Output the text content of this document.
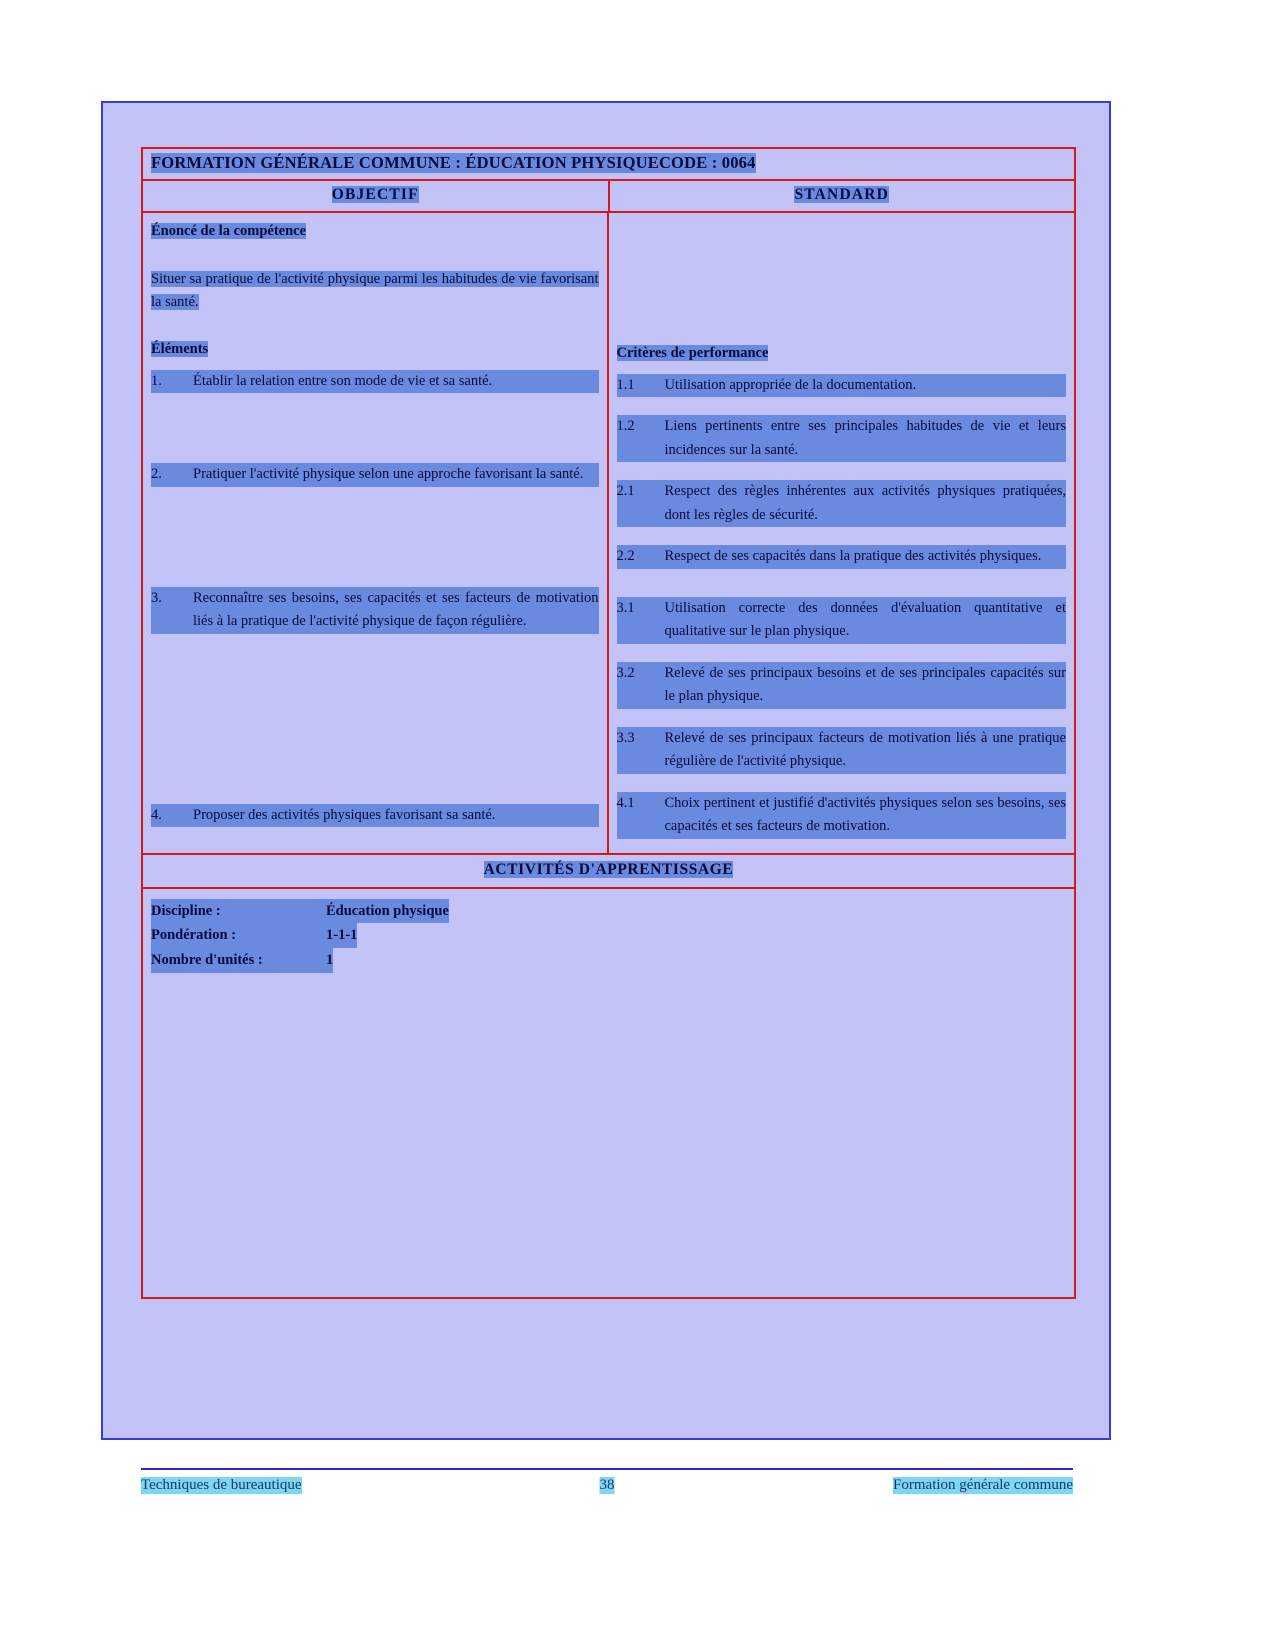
FORMATION GÉNÉRALE COMMUNE : ÉDUCATION PHYSIQUE CODE : 0064
OBJECTIF	STANDARD
Énoncé de la compétence
Situer sa pratique de l'activité physique parmi les habitudes de vie favorisant la santé.
Éléments
1.	Établir la relation entre son mode de vie et sa santé.
2.	Pratiquer l'activité physique selon une approche favorisant la santé.
3.	Reconnaître ses besoins, ses capacités et ses facteurs de motivation liés à la pratique de l'activité physique de façon régulière.
4.	Proposer des activités physiques favorisant sa santé.
Critères de performance
1.1	Utilisation appropriée de la documentation.
1.2	Liens pertinents entre ses principales habitudes de vie et leurs incidences sur la santé.
2.1	Respect des règles inhérentes aux activités physiques pratiquées, dont les règles de sécurité.
2.2	Respect de ses capacités dans la pratique des activités physiques.
3.1	Utilisation correcte des données d'évaluation quantitative et qualitative sur le plan physique.
3.2	Relevé de ses principaux besoins et de ses principales capacités sur le plan physique.
3.3	Relevé de ses principaux facteurs de motivation liés à une pratique régulière de l'activité physique.
4.1	Choix pertinent et justifié d'activités physiques selon ses besoins, ses capacités et ses facteurs de motivation.
ACTIVITÉS D'APPRENTISSAGE
Discipline :	Éducation physique
Pondération :	1-1-1
Nombre d'unités :	1
Techniques de bureautique	38	Formation générale commune
